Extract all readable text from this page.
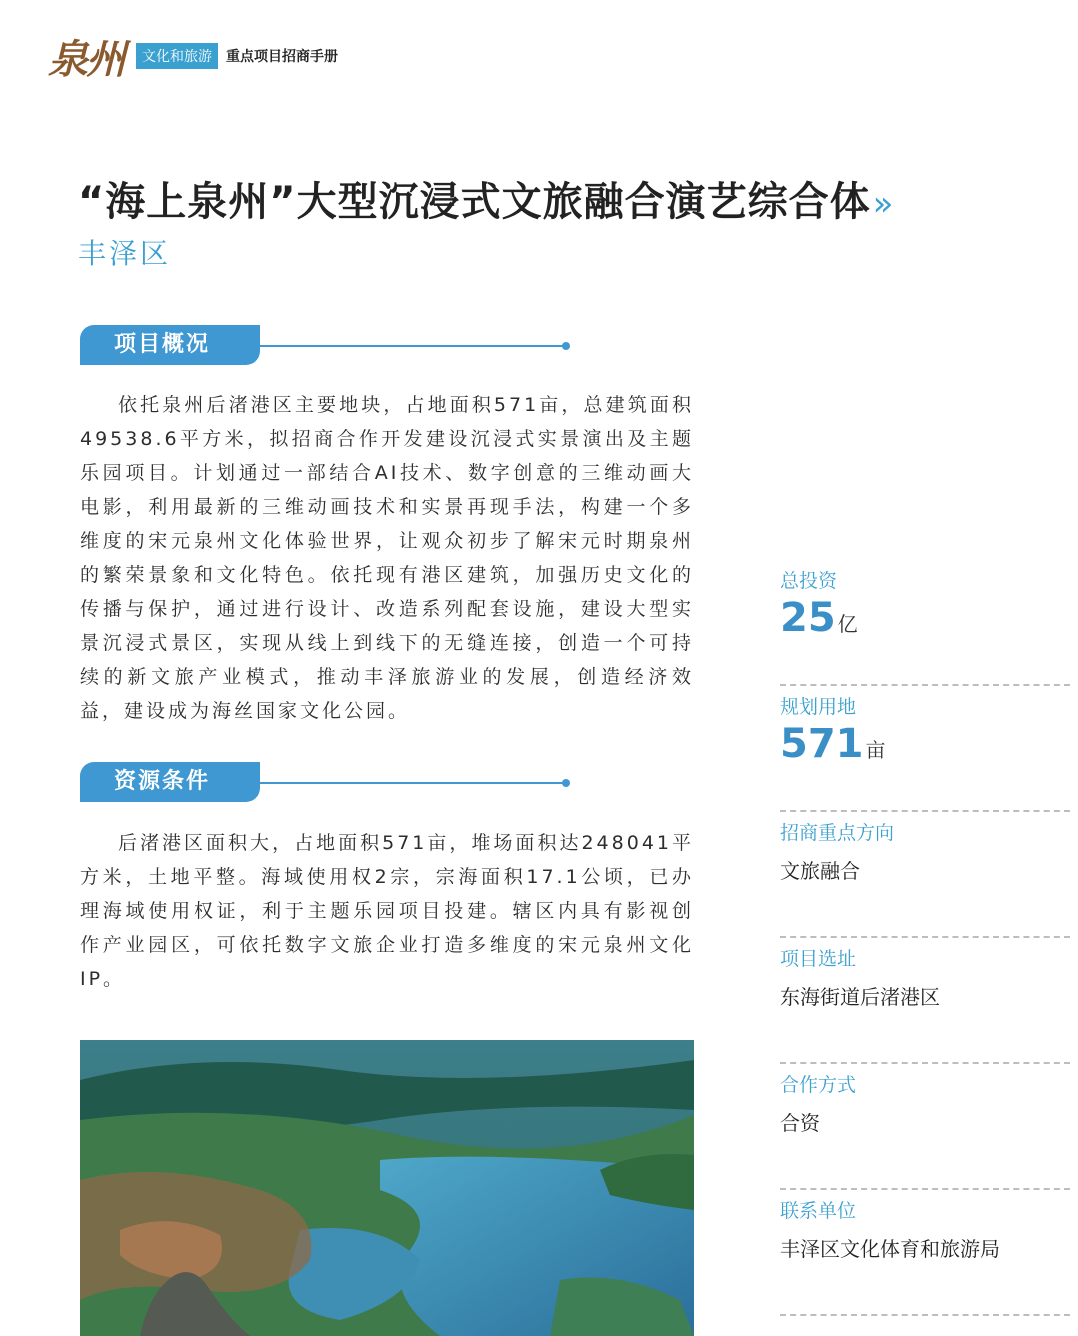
泉州	文化和旅游	重点项目招商手册
“海上泉州”大型沉浸式文旅融合演艺综合体»
丰泽区
项目概况
依托泉州后渚港区主要地块，占地面积571亩，总建筑面积49538.6平方米，拟招商合作开发建设沉浸式实景演出及主题乐园项目。计划通过一部结合AI技术、数字创意的三维动画大电影，利用最新的三维动画技术和实景再现手法，构建一个多维度的宋元泉州文化体验世界，让观众初步了解宋元时期泉州的繁荣景象和文化特色。依托现有港区建筑，加强历史文化的传播与保护，通过进行设计、改造系列配套设施，建设大型实景沉浸式景区，实现从线上到线下的无缝连接，创造一个可持续的新文旅产业模式，推动丰泽旅游业的发展，创造经济效益，建设成为海丝国家文化公园。
资源条件
后渚港区面积大，占地面积571亩，堆场面积达248041平方米，土地平整。海域使用权2宗，宗海面积17.1公顷，已办理海域使用权证，利于主题乐园项目投建。辖区内具有影视创作产业园区，可依托数字文旅企业打造多维度的宋元泉州文化IP。
总投资
25 亿
规划用地
571 亩
招商重点方向
文旅融合
项目选址
东海街道后渚港区
合作方式
合资
联系单位
丰泽区文化体育和旅游局
